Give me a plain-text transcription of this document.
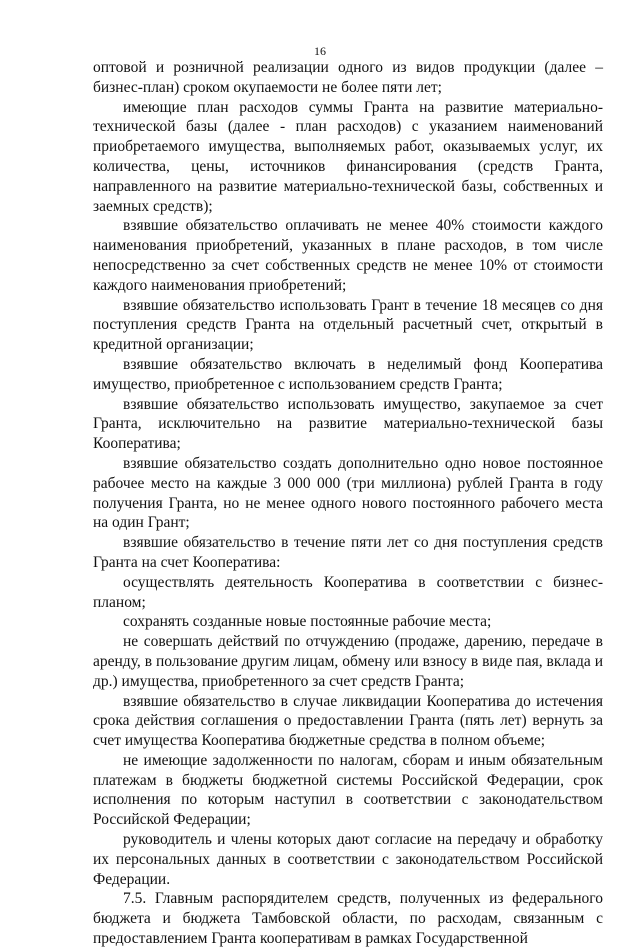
16

оптовой и розничной реализации одного из видов продукции (далее – бизнес-план) сроком окупаемости не более пяти лет;

имеющие план расходов суммы Гранта на развитие материально-технической базы (далее - план расходов) с указанием наименований приобретаемого имущества, выполняемых работ, оказываемых услуг, их количества, цены, источников финансирования (средств Гранта, направленного на развитие материально-технической базы, собственных и заемных средств);

взявшие обязательство оплачивать не менее 40% стоимости каждого наименования приобретений, указанных в плане расходов, в том числе непосредственно за счет собственных средств не менее 10% от стоимости каждого наименования приобретений;

взявшие обязательство использовать Грант в течение 18 месяцев со дня поступления средств Гранта на отдельный расчетный счет, открытый в кредитной организации;

взявшие обязательство включать в неделимый фонд Кооператива имущество, приобретенное с использованием средств Гранта;

взявшие обязательство использовать имущество, закупаемое за счет Гранта, исключительно на развитие материально-технической базы Кооператива;

взявшие обязательство создать дополнительно одно новое постоянное рабочее место на каждые 3 000 000 (три миллиона) рублей Гранта в году получения Гранта, но не менее одного нового постоянного рабочего места на один Грант;

взявшие обязательство в течение пяти лет со дня поступления средств Гранта на счет Кооператива:

осуществлять деятельность Кооператива в соответствии с бизнес-планом;

сохранять созданные новые постоянные рабочие места;

не совершать действий по отчуждению (продаже, дарению, передаче в аренду, в пользование другим лицам, обмену или взносу в виде пая, вклада и др.) имущества, приобретенного за счет средств Гранта;

взявшие обязательство в случае ликвидации Кооператива до истечения срока действия соглашения о предоставлении Гранта (пять лет) вернуть за счет имущества Кооператива бюджетные средства в полном объеме;

не имеющие задолженности по налогам, сборам и иным обязательным платежам в бюджеты бюджетной системы Российской Федерации, срок исполнения по которым наступил в соответствии с законодательством Российской Федерации;

руководитель и члены которых дают согласие на передачу и обработку их персональных данных в соответствии с законодательством Российской Федерации.

7.5. Главным распорядителем средств, полученных из федерального бюджета и бюджета Тамбовской области, по расходам, связанным с предоставлением Гранта кооперативам в рамках Государственной
